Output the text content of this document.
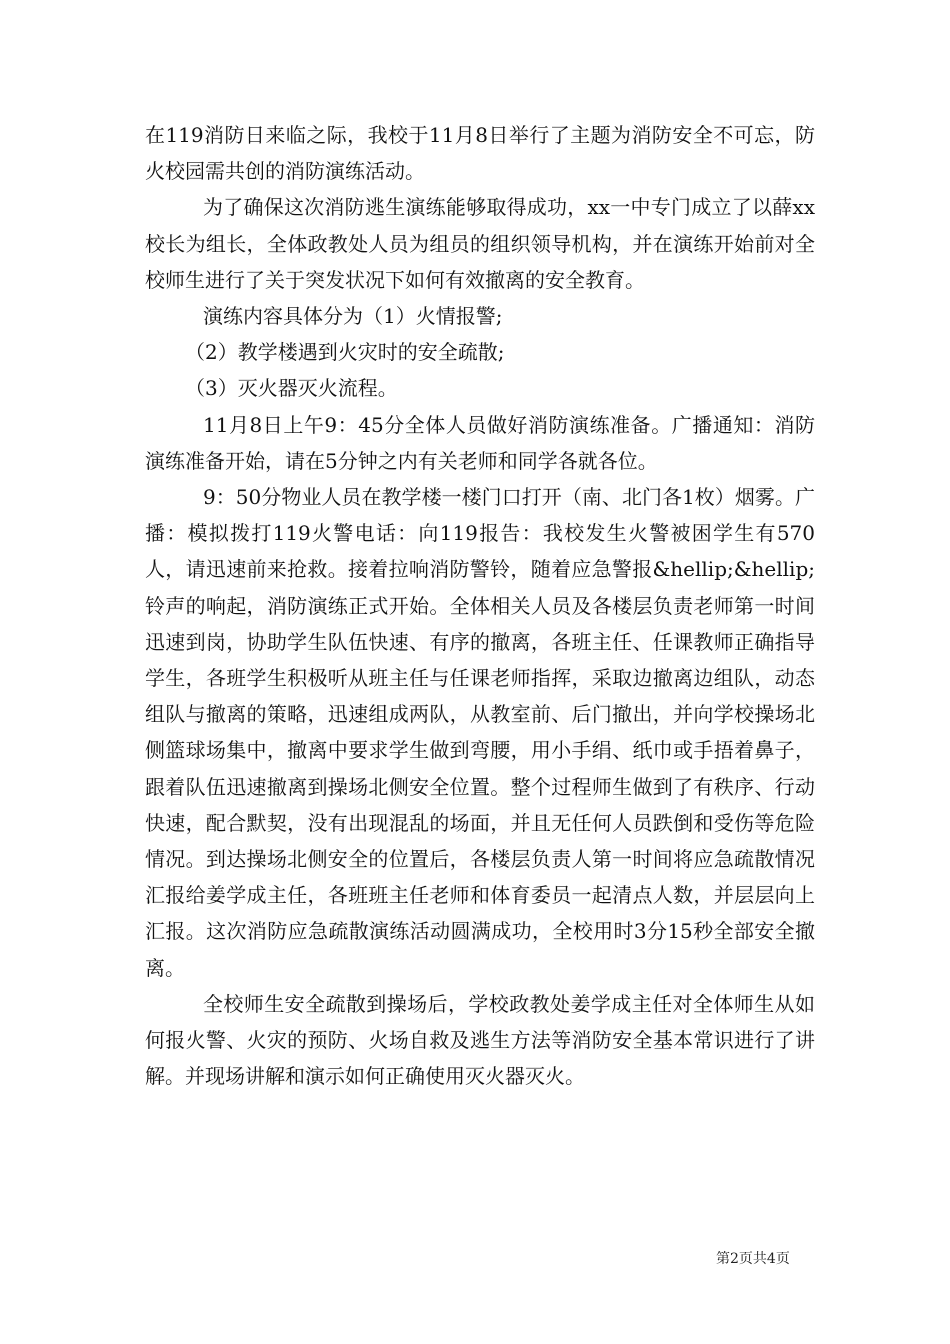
在119消防日来临之际，我校于11月8日举行了主题为消防安全不可忘，防火校园需共创的消防演练活动。

为了确保这次消防逃生演练能够取得成功，xx一中专门成立了以薛xx校长为组长，全体政教处人员为组员的组织领导机构，并在演练开始前对全校师生进行了关于突发状况下如何有效撤离的安全教育。

演练内容具体分为（1）火情报警;

（2）教学楼遇到火灾时的安全疏散;

（3）灭火器灭火流程。

11月8日上午9：45分全体人员做好消防演练准备。广播通知：消防演练准备开始，请在5分钟之内有关老师和同学各就各位。

9：50分物业人员在教学楼一楼门口打开（南、北门各1枚）烟雾。广播：模拟拨打119火警电话：向119报告：我校发生火警被困学生有570人，请迅速前来抢救。接着拉响消防警铃，随着应急警报&hellip;&hellip;铃声的响起，消防演练正式开始。全体相关人员及各楼层负责老师第一时间迅速到岗，协助学生队伍快速、有序的撤离，各班主任、任课教师正确指导学生，各班学生积极听从班主任与任课老师指挥，采取边撤离边组队，动态组队与撤离的策略，迅速组成两队，从教室前、后门撤出，并向学校操场北侧篮球场集中，撤离中要求学生做到弯腰，用小手绢、纸巾或手捂着鼻子，跟着队伍迅速撤离到操场北侧安全位置。整个过程师生做到了有秩序、行动快速，配合默契，没有出现混乱的场面，并且无任何人员跌倒和受伤等危险情况。到达操场北侧安全的位置后，各楼层负责人第一时间将应急疏散情况汇报给姜学成主任，各班班主任老师和体育委员一起清点人数，并层层向上汇报。这次消防应急疏散演练活动圆满成功，全校用时3分15秒全部安全撤离。

全校师生安全疏散到操场后，学校政教处姜学成主任对全体师生从如何报火警、火灾的预防、火场自救及逃生方法等消防安全基本常识进行了讲解。并现场讲解和演示如何正确使用灭火器灭火。

第2页共4页
